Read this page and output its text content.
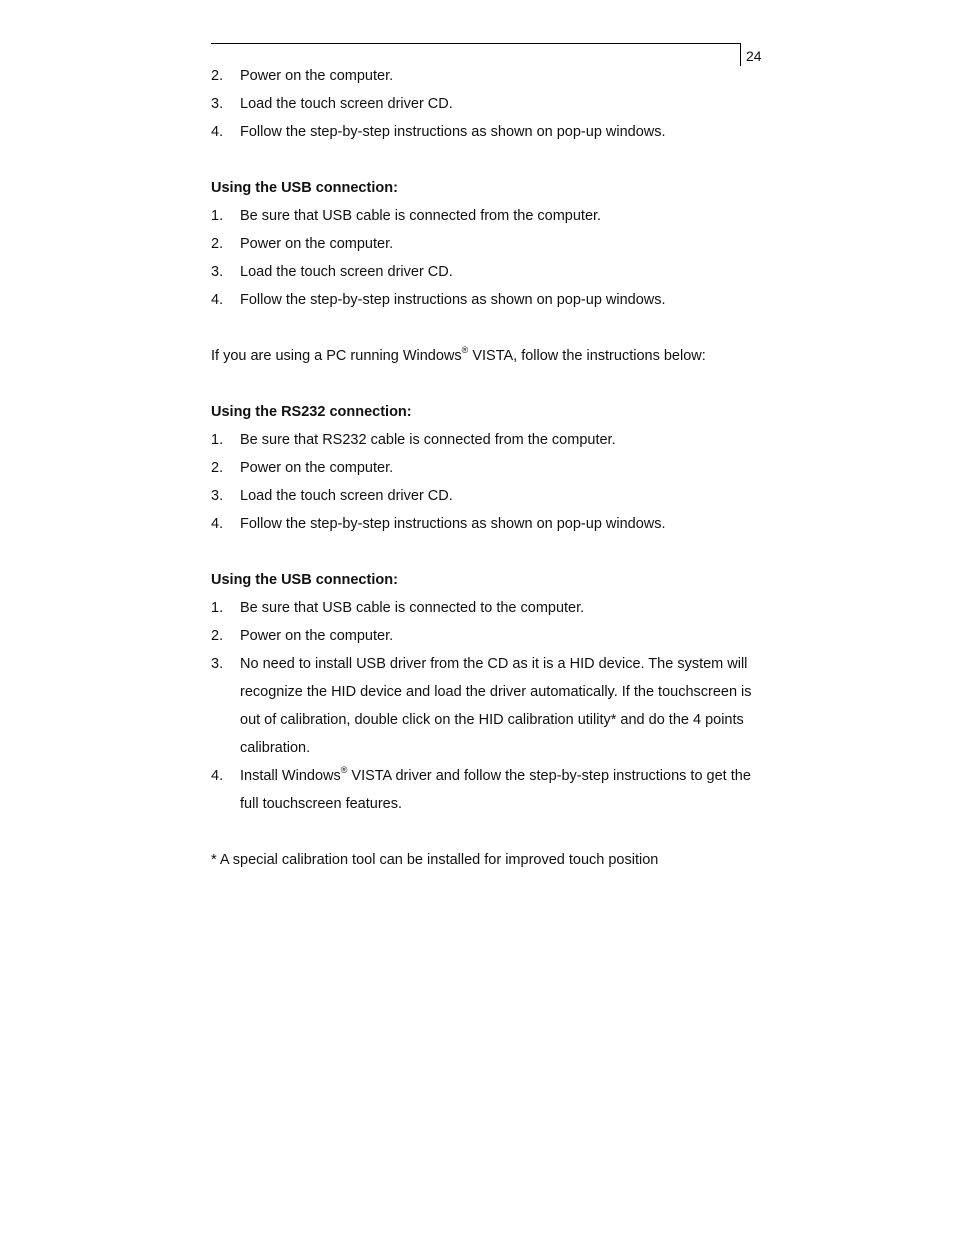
24
2.	Power on the computer.
3.	Load the touch screen driver CD.
4.	Follow the step-by-step instructions as shown on pop-up windows.
Using the USB connection:
1.	Be sure that USB cable is connected from the computer.
2.	Power on the computer.
3.	Load the touch screen driver CD.
4.	Follow the step-by-step instructions as shown on pop-up windows.
If you are using a PC running Windows® VISTA, follow the instructions below:
Using the RS232 connection:
1.	Be sure that RS232 cable is connected from the computer.
2.	Power on the computer.
3.	Load the touch screen driver CD.
4.	Follow the step-by-step instructions as shown on pop-up windows.
Using the USB connection:
1.	Be sure that USB cable is connected to the computer.
2.	Power on the computer.
3.	No need to install USB driver from the CD as it is a HID device. The system will recognize the HID device and load the driver automatically. If the touchscreen is out of calibration, double click on the HID calibration utility* and do the 4 points calibration.
4.	Install Windows® VISTA driver and follow the step-by-step instructions to get the full touchscreen features.
* A special calibration tool can be installed for improved touch position
